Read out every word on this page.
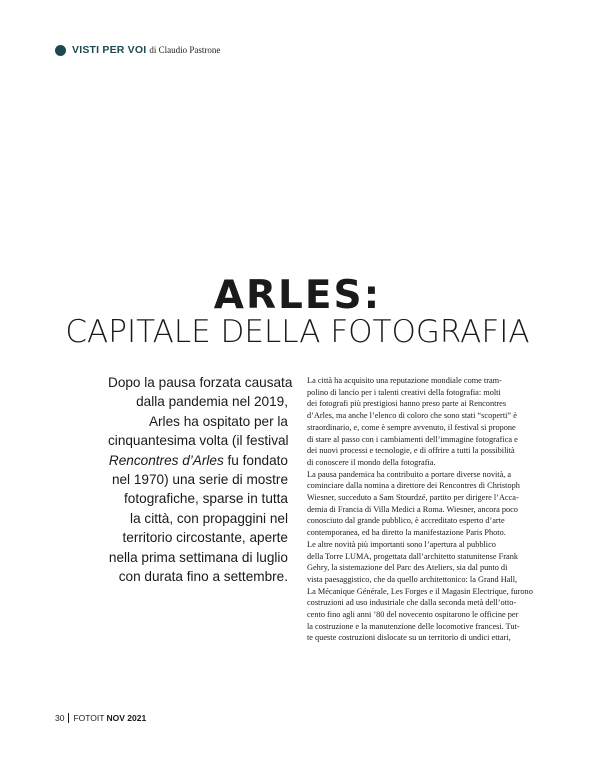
VISTI PER VOI di Claudio Pastrone
ARLES:
CAPITALE DELLA FOTOGRAFIA
Dopo la pausa forzata causata
dalla pandemia nel 2019,
Arles ha ospitato per la
cinquantesima volta (il festival
Rencontres d’Arles fu fondato
nel 1970) una serie di mostre
fotografiche, sparse in tutta
la città, con propaggini nel
territorio circostante, aperte
nella prima settimana di luglio
con durata fino a settembre.
La città ha acquisito una reputazione mondiale come tram-
polino di lancio per i talenti creativi della fotografia: molti
dei fotografi più prestigiosi hanno preso parte ai Rencontres
d’Arles, ma anche l’elenco di coloro che sono stati “scoperti” è
straordinario, e, come è sempre avvenuto, il festival si propone
di stare al passo con i cambiamenti dell’immagine fotografica e
dei nuovi processi e tecnologie, e di offrire a tutti la possibilità
di conoscere il mondo della fotografia.
La pausa pandemica ha contribuito a portare diverse novità, a
cominciare dalla nomina a direttore dei Rencontres di Christoph
Wiesner, succeduto a Sam Stourdzé, partito per dirigere l’Acca-
demia di Francia di Villa Medici a Roma. Wiesner, ancora poco
conosciuto dal grande pubblico, è accreditato esperto d’arte
contemporanea, ed ha diretto la manifestazione Paris Photo.
Le altre novità più importanti sono l’apertura al pubblico
della Torre LUMA, progettata dall’architetto statunitense Frank
Gehry, la sistemazione del Parc des Ateliers, sia dal punto di
vista paesaggistico, che da quello architettonico: la Grand Hall,
La Mécanique Générale, Les Forges e il Magasin Electrique, furono
costruzioni ad uso industriale che dalla seconda metà dell’otto-
cento fino agli anni ’80 del novecento ospitarono le officine per
la costruzione e la manutenzione delle locomotive francesi. Tut-
te queste costruzioni dislocate su un territorio di undici ettari,
30 FOTOIT NOV 2021
